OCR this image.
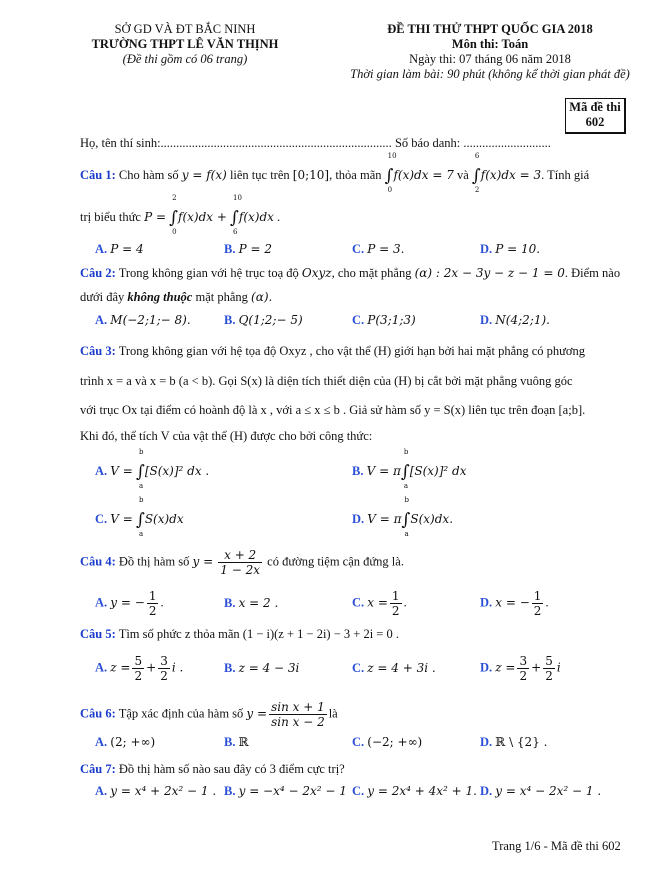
SỞ GD VÀ ĐT BẮC NINH
TRƯỜNG THPT LÊ VĂN THỊNH
(Đề thi gồm có 06 trang)
ĐỀ THI THỬ THPT QUỐC GIA 2018
Môn thi: Toán
Ngày thi: 07 tháng 06 năm 2018
Thời gian làm bài: 90 phút (không kể thời gian phát đề)
Mã đề thi
602
Họ, tên thí sinh:.......................................................................... Số báo danh: ............................
Câu 1: Cho hàm số y = f(x) liên tục trên [0;10], thỏa mãn
10
∫
0
f(x)dx = 7 và
6
∫
2
f(x)dx = 3. Tính giá
trị biểu thức P =
2
∫
0
f(x)dx +
10
∫
6
f(x)dx .
A. P = 4	B. P = 2	C. P = 3.	D. P = 10.
Câu 2: Trong không gian với hệ trục toạ độ Oxyz, cho mặt phẳng (α) : 2x − 3y − z − 1 = 0. Điểm nào
dưới đây không thuộc mặt phẳng (α).
A. M(−2;1;− 8).	B. Q(1;2;− 5)	C. P(3;1;3)	D. N(4;2;1).
Câu 3: Trong không gian với hệ tọa độ Oxyz , cho vật thể (H) giới hạn bởi hai mặt phẳng có phương
trình x = a và x = b (a < b). Gọi S(x) là diện tích thiết diện của (H) bị cắt bởi mặt phẳng vuông góc
với trục Ox tại điểm có hoành độ là x , với a ≤ x ≤ b . Giả sử hàm số y = S(x) liên tục trên đoạn [a;b].
Khi đó, thể tích V của vật thể (H) được cho bởi công thức:
A. V =
b
∫
a
[S(x)]² dx .	B. V = π
b
∫
a
[S(x)]² dx
C. V =
b
∫
a
S(x)dx	D. V = π
b
∫
a
S(x)dx.
Câu 4: Đồ thị hàm số $y = \frac{x + 2}{1 - 2x}$ có đường tiệm cận đứng là.
A. y = − $\frac{1}{2}$ .	B. x = 2 .	C. $x = \frac{1}{2}$ .	D. x = − $\frac{1}{2}$ .
Câu 5: Tìm số phức z thỏa mãn (1 − i)(z + 1 − 2i) − 3 + 2i = 0 .
A. $z = \frac{5}{2} + \frac{3}{2}$ i .	B. z = 4 − 3i	C. z = 4 + 3i .	D. $z = \frac{3}{2} + \frac{5}{2}$ i
Câu 6: Tập xác định của hàm số $y = \frac{\text{sin x + 1}}{\text{sin x − 2}}$ là
A. (2; +∞)	B. ℝ	C. (−2; +∞)	D. ℝ \ {2} .
Câu 7: Đồ thị hàm số nào sau đây có 3 điểm cực trị?
A. y = x⁴ + 2x² − 1 . B. y = −x⁴ − 2x² − 1 C. y = 2x⁴ + 4x² + 1. D. y = x⁴ − 2x² − 1 .
Trang 1/6 - Mã đề thi 602
